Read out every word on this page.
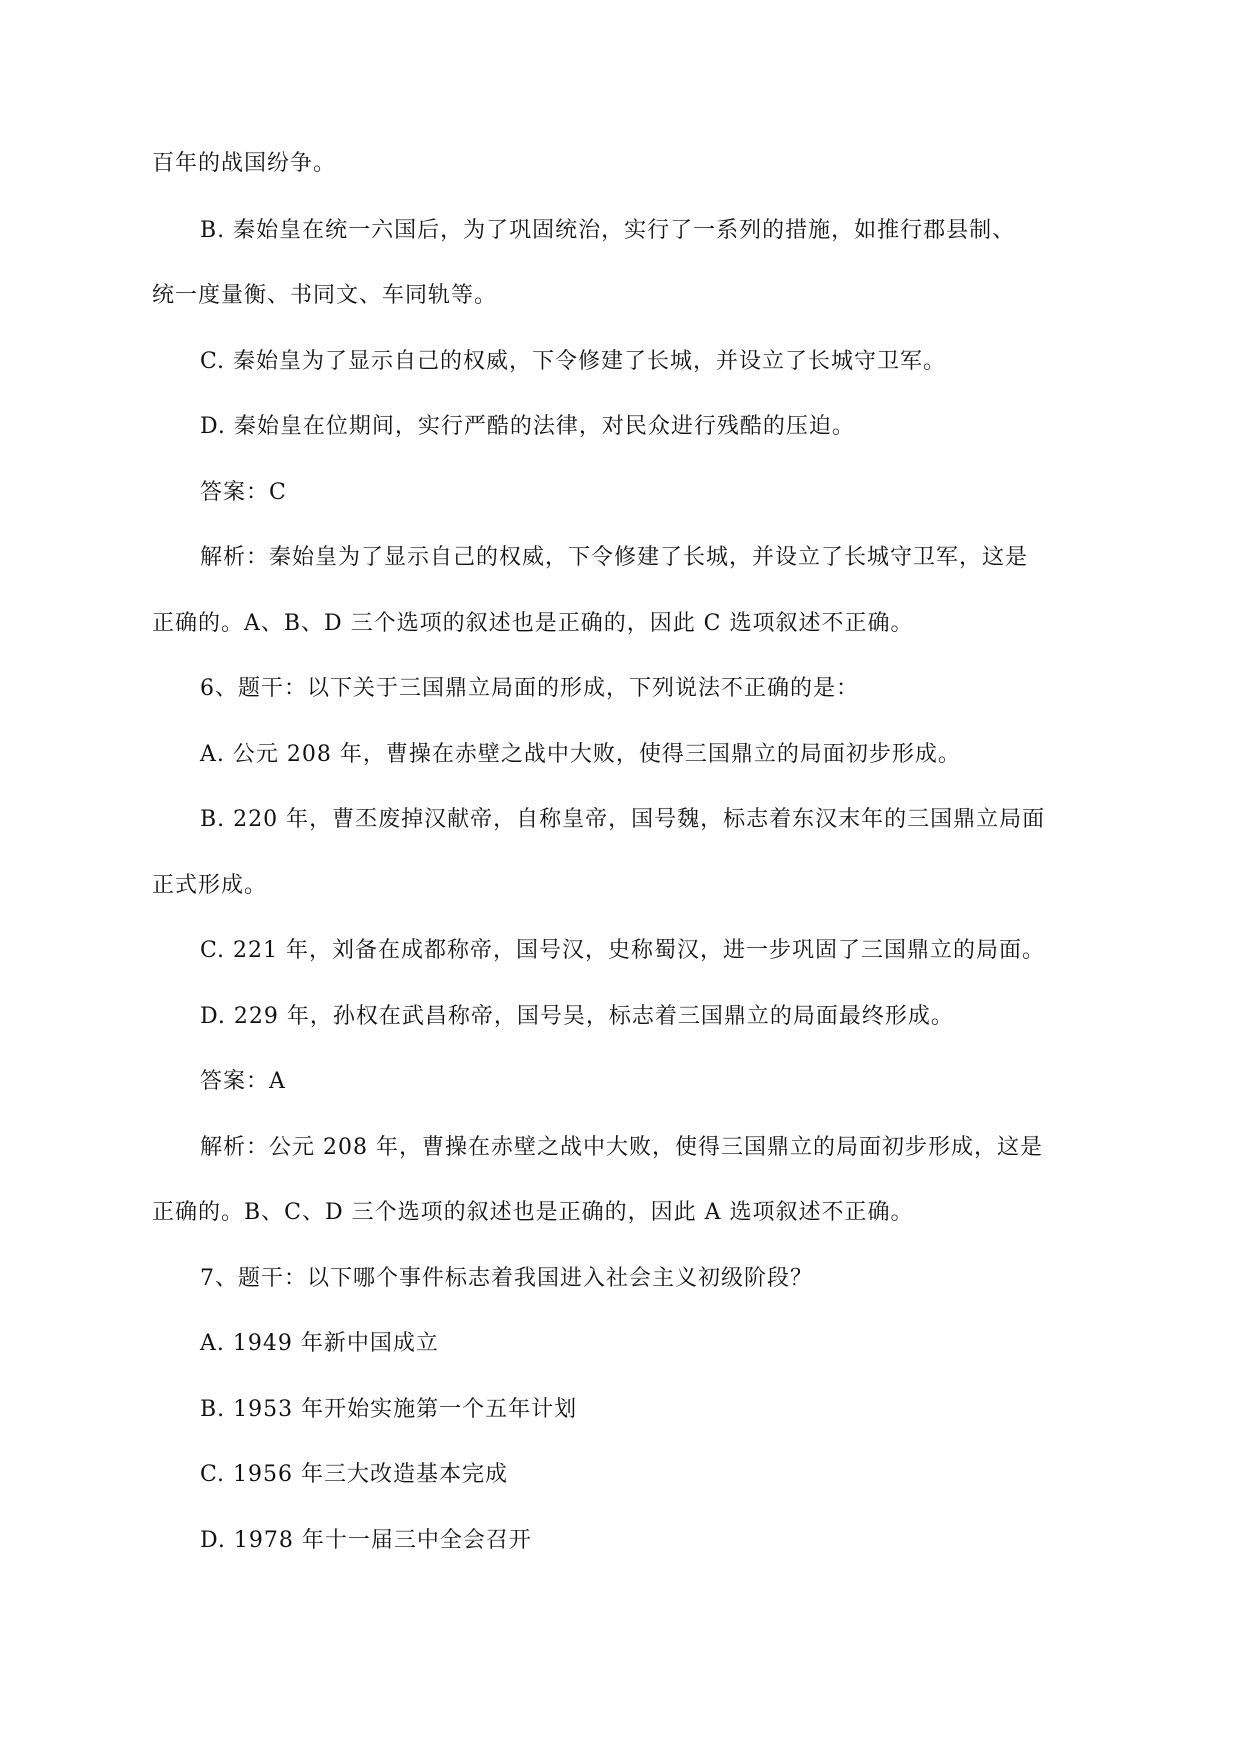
百年的战国纷争。
B. 秦始皇在统一六国后，为了巩固统治，实行了一系列的措施，如推行郡县制、
统一度量衡、书同文、车同轨等。
C. 秦始皇为了显示自己的权威，下令修建了长城，并设立了长城守卫军。
D. 秦始皇在位期间，实行严酷的法律，对民众进行残酷的压迫。
答案：C
解析：秦始皇为了显示自己的权威，下令修建了长城，并设立了长城守卫军，这是
正确的。A、B、D 三个选项的叙述也是正确的，因此 C 选项叙述不正确。
6、题干：以下关于三国鼎立局面的形成，下列说法不正确的是：
A. 公元 208 年，曹操在赤壁之战中大败，使得三国鼎立的局面初步形成。
B. 220 年，曹丕废掉汉献帝，自称皇帝，国号魏，标志着东汉末年的三国鼎立局面
正式形成。
C. 221 年，刘备在成都称帝，国号汉，史称蜀汉，进一步巩固了三国鼎立的局面。
D. 229 年，孙权在武昌称帝，国号吴，标志着三国鼎立的局面最终形成。
答案：A
解析：公元 208 年，曹操在赤壁之战中大败，使得三国鼎立的局面初步形成，这是
正确的。B、C、D 三个选项的叙述也是正确的，因此 A 选项叙述不正确。
7、题干：以下哪个事件标志着我国进入社会主义初级阶段？
A. 1949 年新中国成立
B. 1953 年开始实施第一个五年计划
C. 1956 年三大改造基本完成
D. 1978 年十一届三中全会召开
